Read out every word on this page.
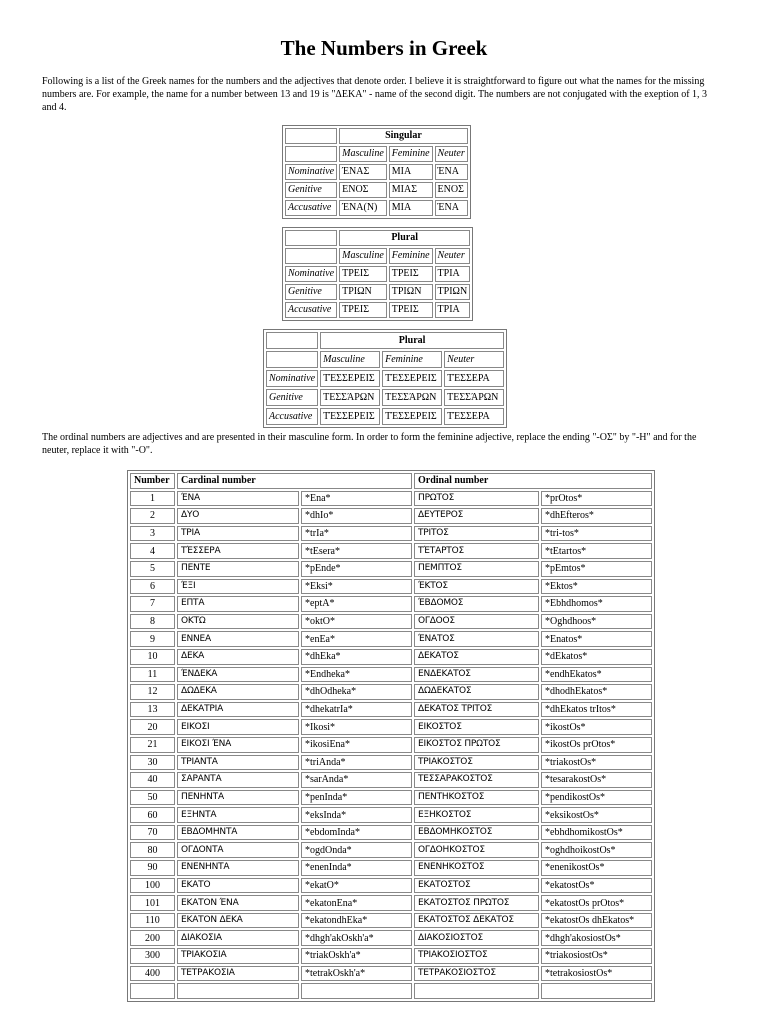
The Numbers in Greek

Following is a list of the Greek names for the numbers and the adjectives that denote order. I believe it is straightforward to figure out what the names for the missing numbers are. For example, the name for a number between 13 and 19 is "ΔΕΚΑ" - name of the second digit. The numbers are not conjugated with the exeption of 1, 3 and 4.

	Singular		
	Masculine	Feminine	Neuter
Nominative	ΈΝΑΣ	ΜΙΑ	ΈΝΑ
Genitive	ΕΝΟΣ	ΜΙΑΣ	ΕΝΟΣ
Accusative	ΈΝΑ(Ν)	ΜΙΑ	ΈΝΑ
	Plural		
	Masculine	Feminine	Neuter
Nominative	ΤΡΕΙΣ	ΤΡΕΙΣ	ΤΡΙΑ
Genitive	ΤΡΙΩΝ	ΤΡΙΩΝ	ΤΡΙΩΝ
Accusative	ΤΡΕΙΣ	ΤΡΕΙΣ	ΤΡΙΑ
	Plural		
	Masculine	Feminine	Neuter
Nominative	ΤΈΣΣΕΡΕΙΣ	ΤΈΣΣΕΡΕΙΣ	ΤΈΣΣΕΡΑ
Genitive	ΤΕΣΣΆΡΩΝ	ΤΕΣΣΆΡΩΝ	ΤΕΣΣΆΡΩΝ
Accusative	ΤΈΣΣΕΡΕΙΣ	ΤΈΣΣΕΡΕΙΣ	ΤΈΣΣΕΡΑ

The ordinal numbers are adjectives and are presented in their masculine form. In order to form the feminine adjective, replace the ending "-ΟΣ" by "-Η" and for the neuter, replace it with "-Ο".

Number	Cardinal number		Ordinal number	
1	ΈΝΑ	*Ena*	ΠΡΩΤΟΣ	*prOtos*
2	ΔΥΟ	*dhIo*	ΔΕΥΤΕΡΟΣ	*dhEfteros*
3	ΤΡΙΑ	*trIa*	ΤΡΙΤΟΣ	*tri-tos*
4	ΤΈΣΣΕΡΑ	*tEsera*	ΤΈΤΑΡΤΟΣ	*tEtartos*
5	ΠΕΝΤΕ	*pEnde*	ΠΕΜΠΤΟΣ	*pEmtos*
6	ΈΞΙ	*Eksi*	ΈΚΤΟΣ	*Ektos*
7	ΕΠΤΑ	*eptA*	ΈΒΔΟΜΟΣ	*Ebhdhomos*
8	ΟΚΤΩ	*oktO*	ΟΓΔΟΟΣ	*Oghdhoos*
9	ΕΝΝΕΑ	*enEa*	ΈΝΑΤΟΣ	*Enatos*
10	ΔΕΚΑ	*dhEka*	ΔΕΚΑΤΟΣ	*dEkatos*
11	ΈΝΔΕΚΑ	*Endheka*	ΕΝΔΕΚΑΤΟΣ	*endhEkatos*
12	ΔΩΔΕΚΑ	*dhOdheka*	ΔΩΔΕΚΑΤΟΣ	*dhodhEkatos*
13	ΔΕΚΑΤΡΙΑ	*dhekatrIa*	ΔΕΚΑΤΟΣ ΤΡΙΤΟΣ	*dhEkatos trItos*
20	ΕΙΚΟΣΙ	*Ikosi*	ΕΙΚΟΣΤΟΣ	*ikostOs*
21	ΕΙΚΟΣΙ ΈΝΑ	*ikosiEna*	ΕΙΚΟΣΤΟΣ ΠΡΩΤΟΣ	*ikostOs prOtos*
30	ΤΡΙΑΝΤΑ	*triAnda*	ΤΡΙΑΚΟΣΤΟΣ	*triakostOs*
40	ΣΑΡΑΝΤΑ	*sarAnda*	ΤΕΣΣΑΡΑΚΟΣΤΟΣ	*tesarakostOs*
50	ΠΕΝΗΝΤΑ	*penInda*	ΠΕΝΤΗΚΟΣΤΟΣ	*pendikostOs*
60	ΕΞΗΝΤΑ	*eksInda*	ΕΞΗΚΟΣΤΟΣ	*eksikostOs*
70	ΕΒΔΟΜΗΝΤΑ	*ebdomInda*	ΕΒΔΟΜΗΚΟΣΤΟΣ	*ebhdhomikostOs*
80	ΟΓΔΟΝΤΑ	*ogdOnda*	ΟΓΔΟΗΚΟΣΤΟΣ	*oghdhoikostOs*
90	ΕΝΕΝΗΝΤΑ	*enenInda*	ΕΝΕΝΗΚΟΣΤΟΣ	*enenikostOs*
100	ΕΚΑΤΟ	*ekatO*	ΕΚΑΤΟΣΤΟΣ	*ekatostOs*
101	ΕΚΑΤΟΝ ΈΝΑ	*ekatonEna*	ΕΚΑΤΟΣΤΟΣ ΠΡΩΤΟΣ	*ekatostOs prOtos*
110	ΕΚΑΤΟΝ ΔΕΚΑ	*ekatondhEka*	ΕΚΑΤΟΣΤΟΣ ΔΕΚΑΤΟΣ	*ekatostOs dhEkatos*
200	ΔΙΑΚΟΣΙΑ	*dhgh'akOskh'a*	ΔΙΑΚΟΣΙΟΣΤΟΣ	*dhgh'akosiostOs*
300	ΤΡΙΑΚΟΣΙΑ	*triakOskh'a*	ΤΡΙΑΚΟΣΙΟΣΤΟΣ	*triakosiostOs*
400	ΤΕΤΡΑΚΟΣΙΑ	*tetrakOskh'a*	ΤΕΤΡΑΚΟΣΙΟΣΤΟΣ	*tetrakosiostOs*
